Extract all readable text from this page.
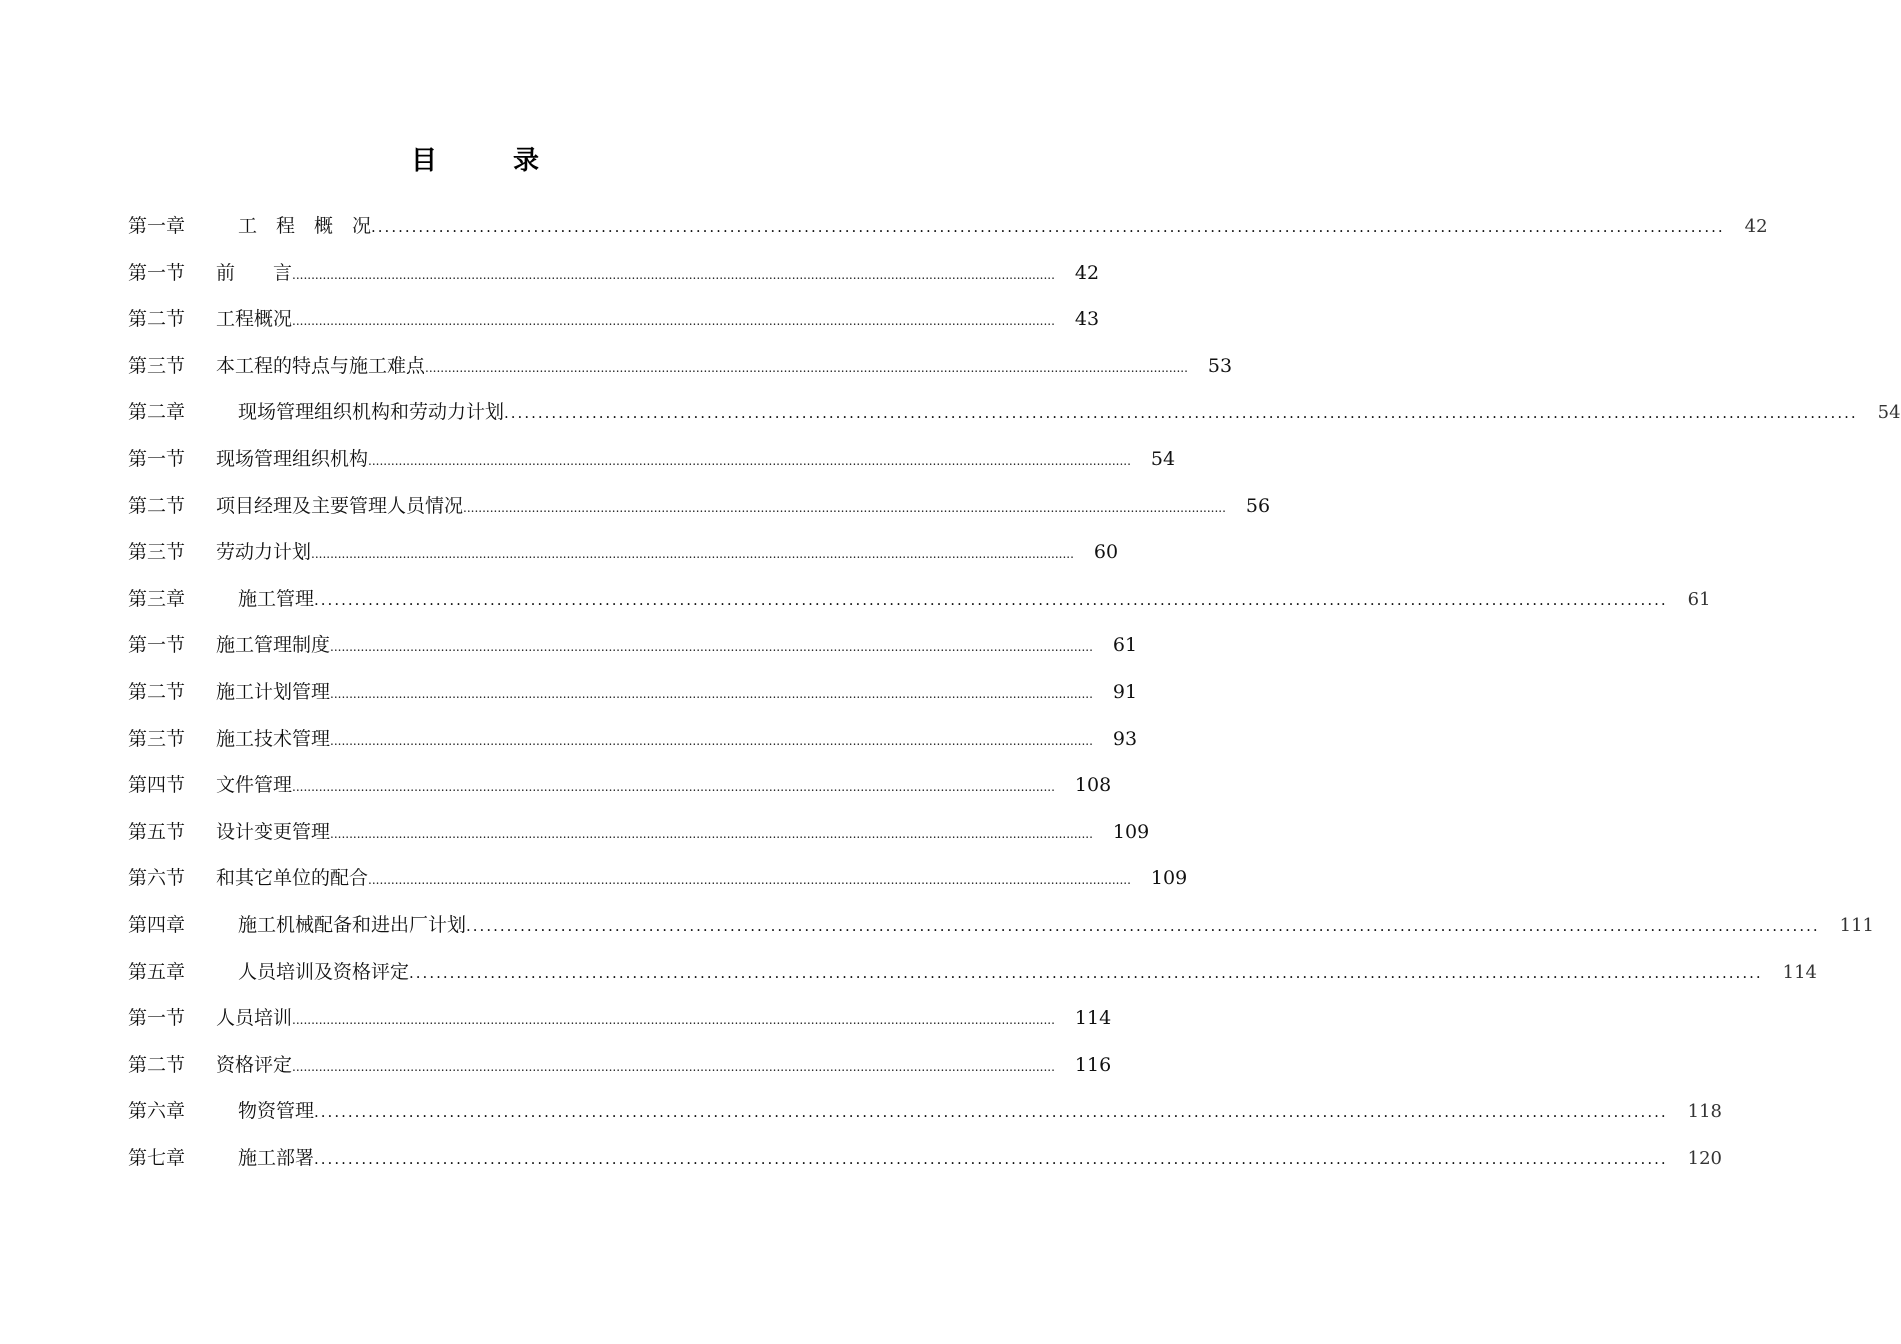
目	录
第一章	工　程　概　况 ........................................................................................................................................................................................................ 42
第一节	前　　言 ........................................................................................................................................................................................................ 42
第二节	工程概况 ........................................................................................................................................................................................................ 43
第三节	本工程的特点与施工难点 ........................................................................................................................................................................................................ 53
第二章	现场管理组织机构和劳动力计划 ........................................................................................................................................................................................................ 54
第一节	现场管理组织机构 ........................................................................................................................................................................................................ 54
第二节	项目经理及主要管理人员情况 ........................................................................................................................................................................................................ 56
第三节	劳动力计划 ........................................................................................................................................................................................................ 60
第三章	施工管理 ........................................................................................................................................................................................................ 61
第一节	施工管理制度 ........................................................................................................................................................................................................ 61
第二节	施工计划管理 ........................................................................................................................................................................................................ 91
第三节	施工技术管理 ........................................................................................................................................................................................................ 93
第四节	文件管理 ........................................................................................................................................................................................................ 108
第五节	设计变更管理 ........................................................................................................................................................................................................ 109
第六节	和其它单位的配合 ........................................................................................................................................................................................................ 109
第四章	施工机械配备和进出厂计划 ........................................................................................................................................................................................................ 111
第五章	人员培训及资格评定 ........................................................................................................................................................................................................ 114
第一节	人员培训 ........................................................................................................................................................................................................ 114
第二节	资格评定 ........................................................................................................................................................................................................ 116
第六章	物资管理 ........................................................................................................................................................................................................ 118
第七章	施工部署 ........................................................................................................................................................................................................ 120
